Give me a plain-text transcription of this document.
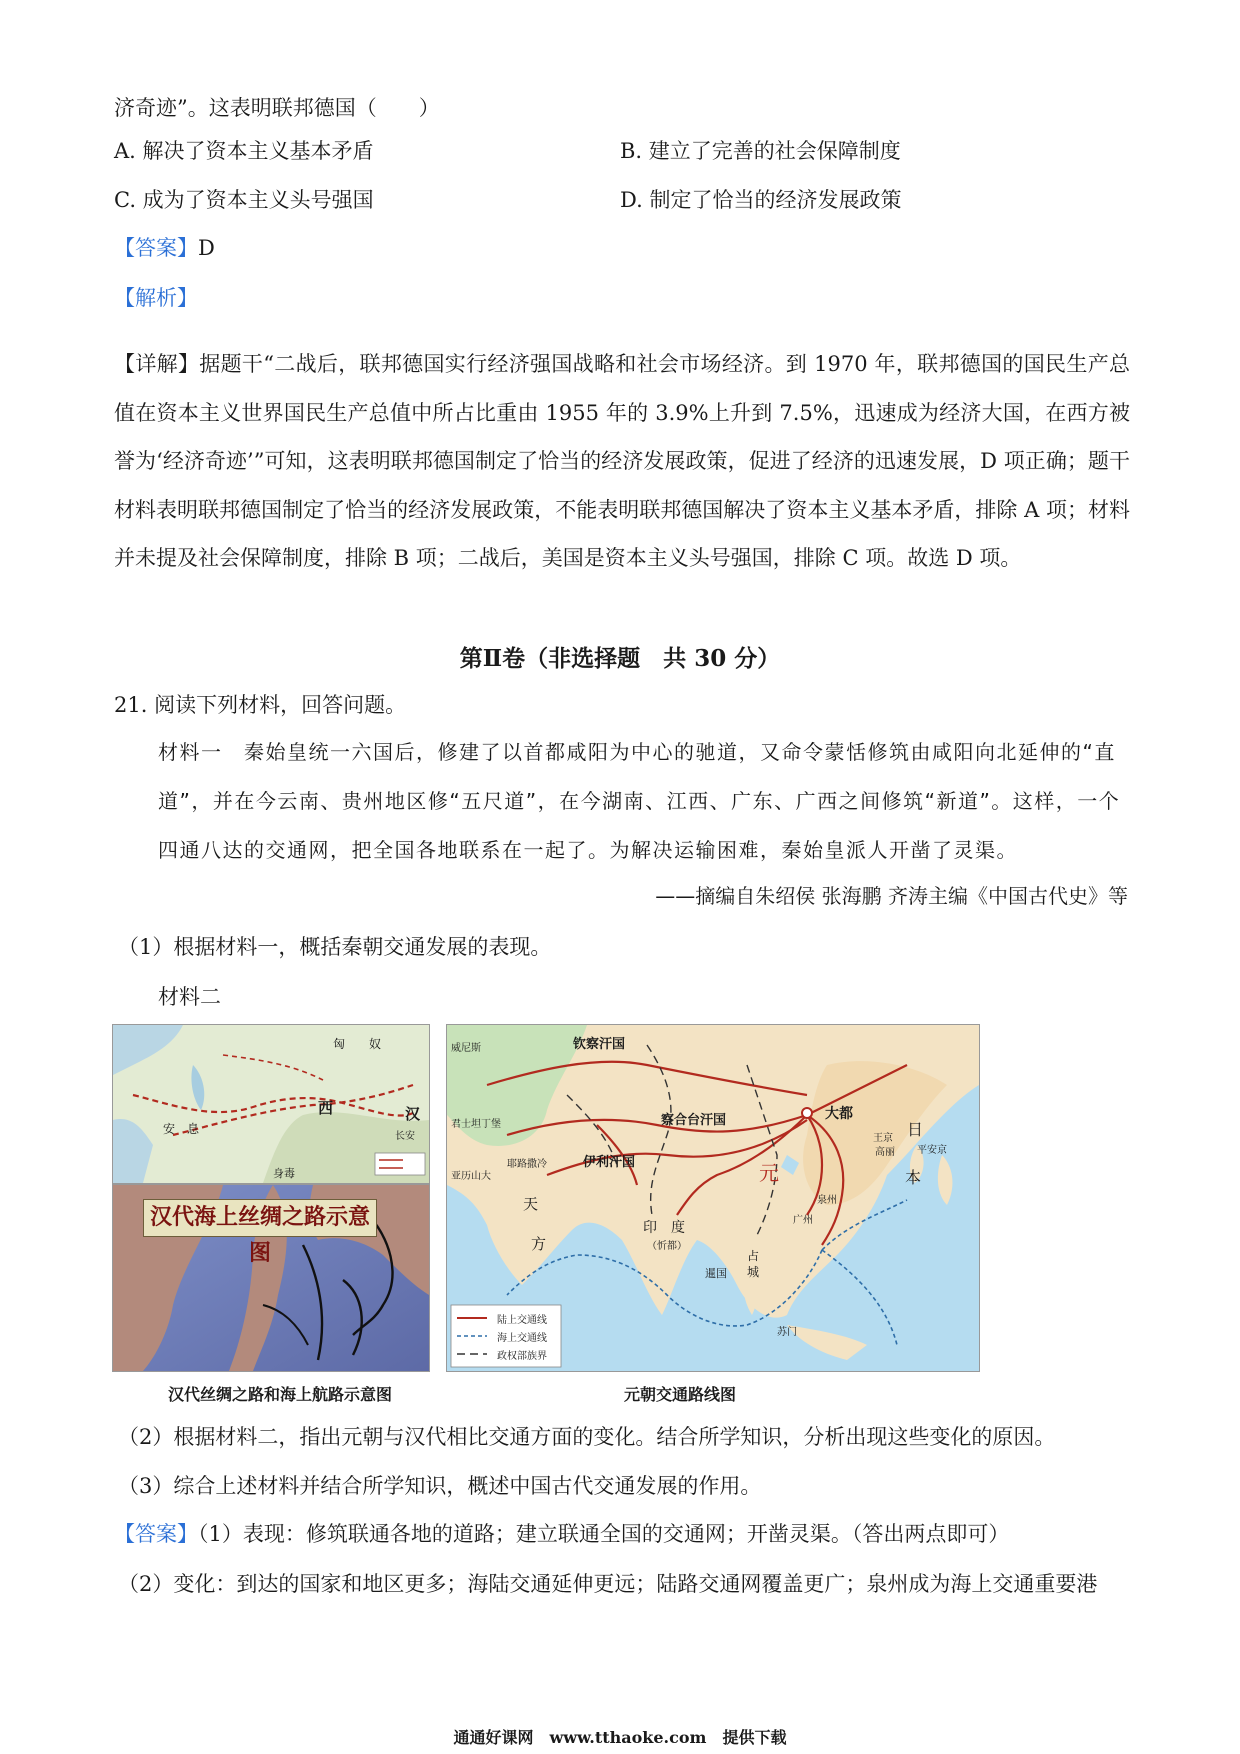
济奇迹”。这表明联邦德国（　　）
A. 解决了资本主义基本矛盾	B. 建立了完善的社会保障制度
C. 成为了资本主义头号强国	D. 制定了恰当的经济发展政策
【答案】D
【解析】
【详解】据题干“二战后，联邦德国实行经济强国战略和社会市场经济。到 1970 年，联邦德国的国民生产总值在资本主义世界国民生产总值中所占比重由 1955 年的 3.9%上升到 7.5%，迅速成为经济大国，在西方被誉为‘经济奇迹’”可知，这表明联邦德国制定了恰当的经济发展政策，促进了经济的迅速发展，D 项正确；题干材料表明联邦德国制定了恰当的经济发展政策，不能表明联邦德国解决了资本主义基本矛盾，排除 A 项；材料并未提及社会保障制度，排除 B 项；二战后，美国是资本主义头号强国，排除 C 项。故选 D 项。
第Ⅱ卷（非选择题　共 30 分）
21. 阅读下列材料，回答问题。
材料一　秦始皇统一六国后，修建了以首都咸阳为中心的驰道，又命令蒙恬修筑由咸阳向北延伸的“直道”，并在今云南、贵州地区修“五尺道”，在今湖南、江西、广东、广西之间修筑“新道”。这样，一个四通八达的交通网，把全国各地联系在一起了。为解决运输困难，秦始皇派人开凿了灵渠。
——摘编自朱绍侯 张海鹏 齐涛主编《中国古代史》等
（1）根据材料一，概括秦朝交通发展的表现。
材料二
匈　　奴
西	汉
长安
安　息
身毒
汉代海上丝绸之路示意图
钦察汗国
威尼斯
君士坦丁堡	察合台汗国
伊利汗国
亚历山大
耶路撒冷
天
方
印　度
（忻都）
大都
元
广州
泉州
日
本
王京
高丽 平安京
占
城
暹国
苏门
陆上交通线
海上交通线
政权部族界
汉代丝绸之路和海上航路示意图	元朝交通路线图
（2）根据材料二，指出元朝与汉代相比交通方面的变化。结合所学知识，分析出现这些变化的原因。
（3）综合上述材料并结合所学知识，概述中国古代交通发展的作用。
【答案】（1）表现：修筑联通各地的道路；建立联通全国的交通网；开凿灵渠。（答出两点即可）
（2）变化：到达的国家和地区更多；海陆交通延伸更远；陆路交通网覆盖更广；泉州成为海上交通重要港
通通好课网　www.tthaoke.com　提供下载
